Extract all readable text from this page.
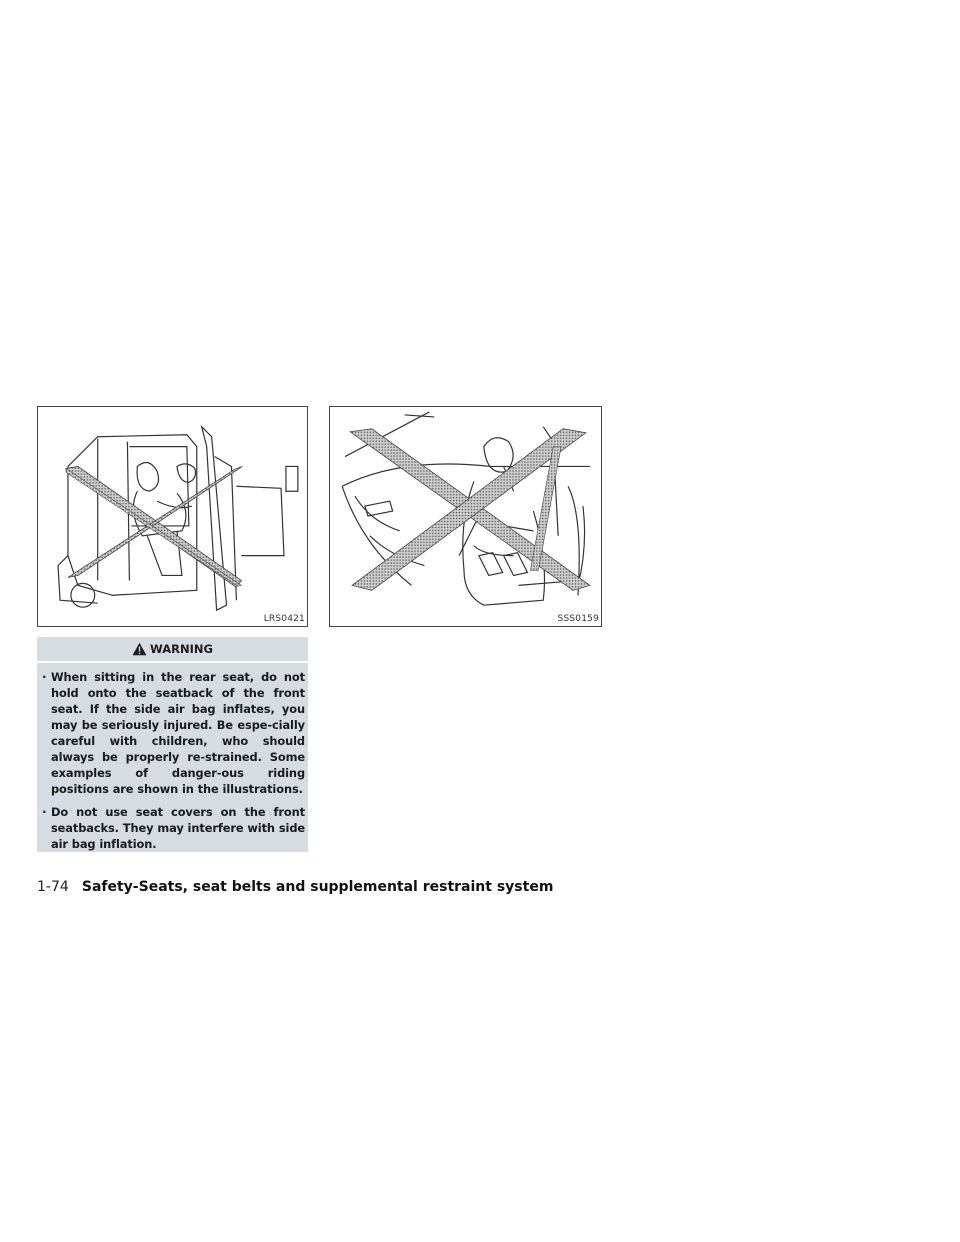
LRS0421	SSS0159
WARNING
· When sitting in the rear seat, do not hold onto the seatback of the front seat. If the side air bag inflates, you may be seriously injured. Be espe-cially careful with children, who should always be properly re-strained. Some examples of danger-ous riding positions are shown in the illustrations.
· Do not use seat covers on the front seatbacks. They may interfere with side air bag inflation.
1-74 Safety-Seats, seat belts and supplemental restraint system
